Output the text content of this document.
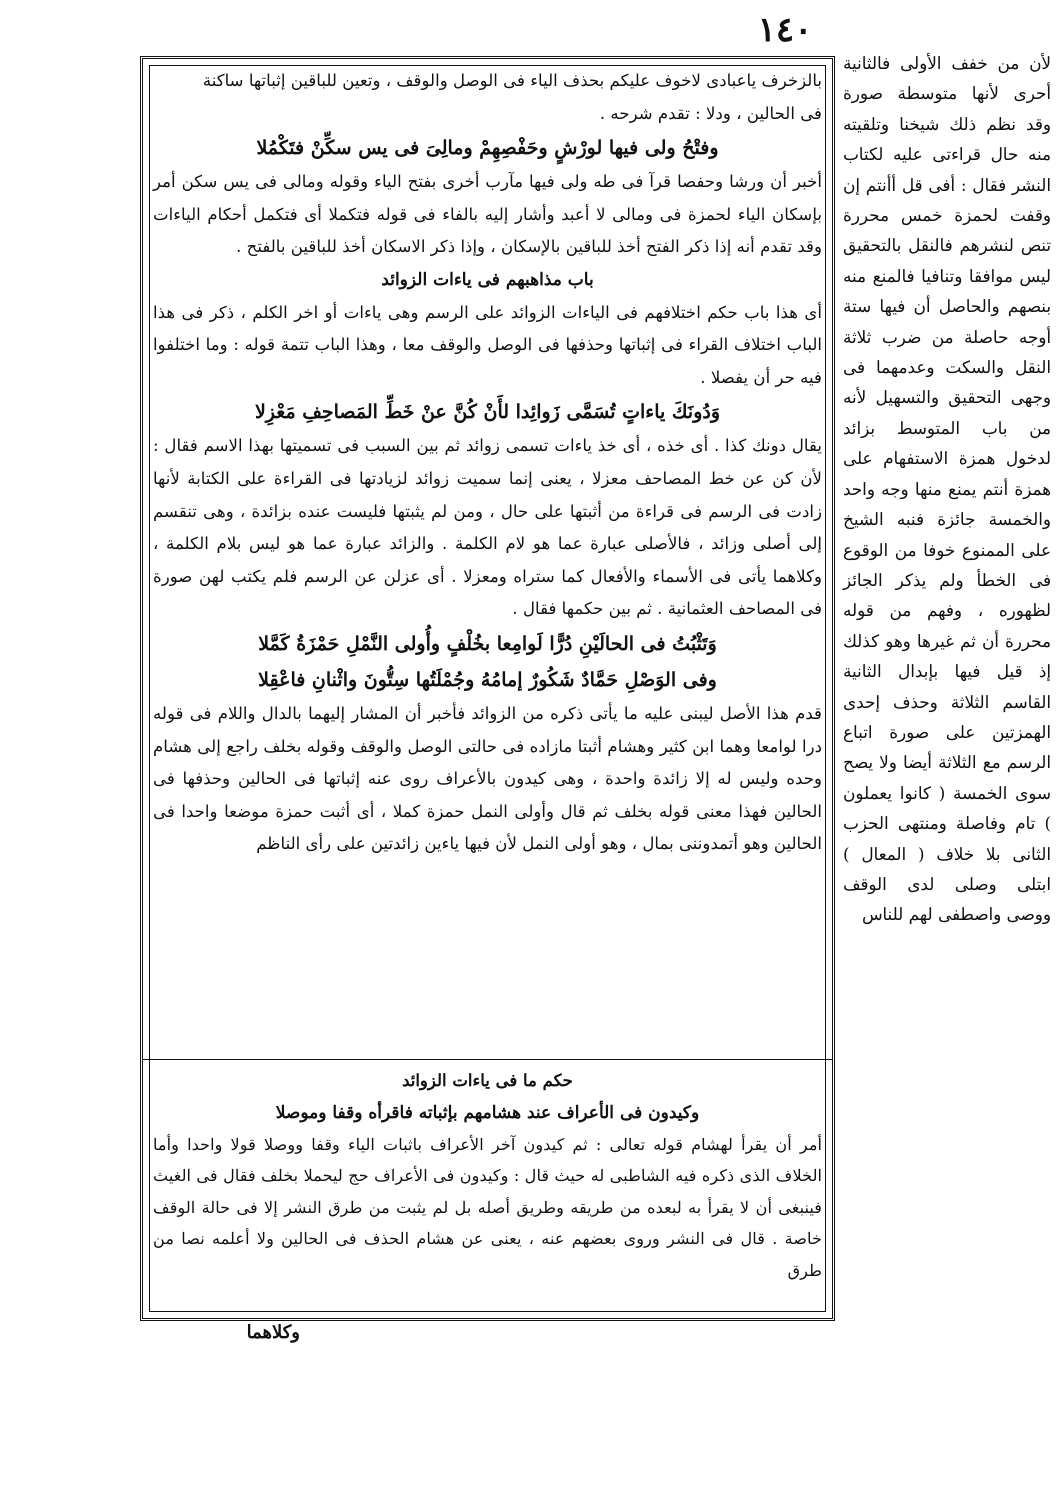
١٤٠

بالزخرف ياعبادى لاخوف عليكم بحذف الياء فى الوصل والوقف ، وتعين للباقين إثباتها ساكنة

فى الحالين ، ودلا : تقدم شرحه .

وفتْحُ ولى فيها لورْشٍ وحَفْصِهِمْ ومالِىَ فى يس سكِّنْ فتَكْمُلا

أخبر أن ورشا وحفصا قرآ فى طه ولى فيها مآرب أخرى بفتح الياء وقوله ومالى فى يس سكن أمر بإسكان الياء لحمزة فى ومالى لا أعبد وأشار إليه بالفاء فى قوله فتكملا أى فتكمل أحكام الياءات وقد تقدم أنه إذا ذكر الفتح أخذ للباقين بالإسكان ، وإذا ذكر الاسكان أخذ للباقين بالفتح .

باب مذاهبهم فى ياءات الزوائد

أى هذا باب حكم اختلافهم فى الياءات الزوائد على الرسم وهى ياءات أو اخر الكلم ، ذكر فى هذا الباب اختلاف القراء فى إثباتها وحذفها فى الوصل والوقف معا ، وهذا الباب تتمة قوله : وما اختلفوا فيه حر أن يفصلا .

وَدُونَكَ ياءاتٍ تُسَمَّى زَوائِدا لأَنْ كُنَّ عنْ خَطِّ المَصاحِفِ مَعْزِلا

يقال دونك كذا . أى خذه ، أى خذ ياءات تسمى زوائد ثم بين السبب فى تسميتها بهذا الاسم فقال : لأن كن عن خط المصاحف معزلا ، يعنى إنما سميت زوائد لزيادتها فى القراءة على الكتابة لأنها زادت فى الرسم فى قراءة من أثبتها على حال ، ومن لم يثبتها فليست عنده بزائدة ، وهى تنقسم إلى أصلى وزائد ، فالأصلى عبارة عما هو لام الكلمة . والزائد عبارة عما هو ليس بلام الكلمة ، وكلاهما يأتى فى الأسماء والأفعال كما ستراه ومعزلا . أى عزلن عن الرسم فلم يكتب لهن صورة فى المصاحف العثمانية . ثم بين حكمها فقال .

وَتَثْبُتُ فى الحالَيْنِ دُرًّا لَوامِعا بخُلْفٍ وأُولى النَّمْلِ حَمْزَةُ كَمَّلا

وفى الوَصْلِ حَمَّادٌ شَكُورٌ إمامُهُ وجُمْلَتُها سِتُّونَ واثْنانِ فاعْقِلا

قدم هذا الأصل ليبنى عليه ما يأتى ذكره من الزوائد فأخبر أن المشار إليهما بالدال واللام فى قوله درا لوامعا وهما ابن كثير وهشام أثبتا مازاده فى حالتى الوصل والوقف وقوله بخلف راجع إلى هشام وحده وليس له إلا زائدة واحدة ، وهى كيدون بالأعراف روى عنه إثباتها فى الحالين وحذفها فى الحالين فهذا معنى قوله بخلف ثم قال وأولى النمل حمزة كملا ، أى أثبت حمزة موضعا واحدا فى الحالين وهو أتمدوننى بمال ، وهو أولى النمل لأن فيها ياءين زائدتين على رأى الناظم

حكم ما فى ياءات الزوائد

وكيدون فى الأعراف عند هشامهم بإثباته فاقرأه وقفا وموصلا

أمر أن يقرأ لهشام قوله تعالى : ثم كيدون آخر الأعراف باثبات الياء وقفا ووصلا قولا واحدا وأما الخلاف الذى ذكره فيه الشاطبى له حيث قال : وكيدون فى الأعراف حج ليحملا بخلف فقال فى الغيث فينبغى أن لا يقرأ به لبعده من طريقه وطريق أصله بل لم يثبت من طرق النشر إلا فى حالة الوقف خاصة . قال فى النشر وروى بعضهم عنه ، يعنى عن هشام الحذف فى الحالين ولا أعلمه نصا من طرق

لأن من خفف الأولى فالثانية أحرى لأنها متوسطة صورة وقد نظم ذلك شيخنا وتلقيته منه حال قراءتى عليه لكتاب النشر فقال : أفى قل أأنتم إن وقفت لحمزة خمس محررة تنص لنشرهم فالنقل بالتحقيق ليس موافقا وتنافيا فالمنع منه بنصهم والحاصل أن فيها ستة أوجه حاصلة من ضرب ثلاثة النقل والسكت وعدمهما فى وجهى التحقيق والتسهيل لأنه من باب المتوسط بزائد لدخول همزة الاستفهام على همزة أنتم يمنع منها وجه واحد والخمسة جائزة فنبه الشيخ على الممنوع خوفا من الوقوع فى الخطأ ولم يذكر الجائز لظهوره ، وفهم من قوله محررة أن ثم غيرها وهو كذلك إذ قيل فيها بإبدال الثانية القاسم الثلاثة وحذف إحدى الهمزتين على صورة اتباع الرسم مع الثلاثة أيضا ولا يصح سوى الخمسة ( كانوا يعملون ) تام وفاصلة ومنتهى الحزب الثانى بلا خلاف ( المعال ) ابتلى وصلى لدى الوقف ووصى واصطفى لهم للناس

وكلاهما
